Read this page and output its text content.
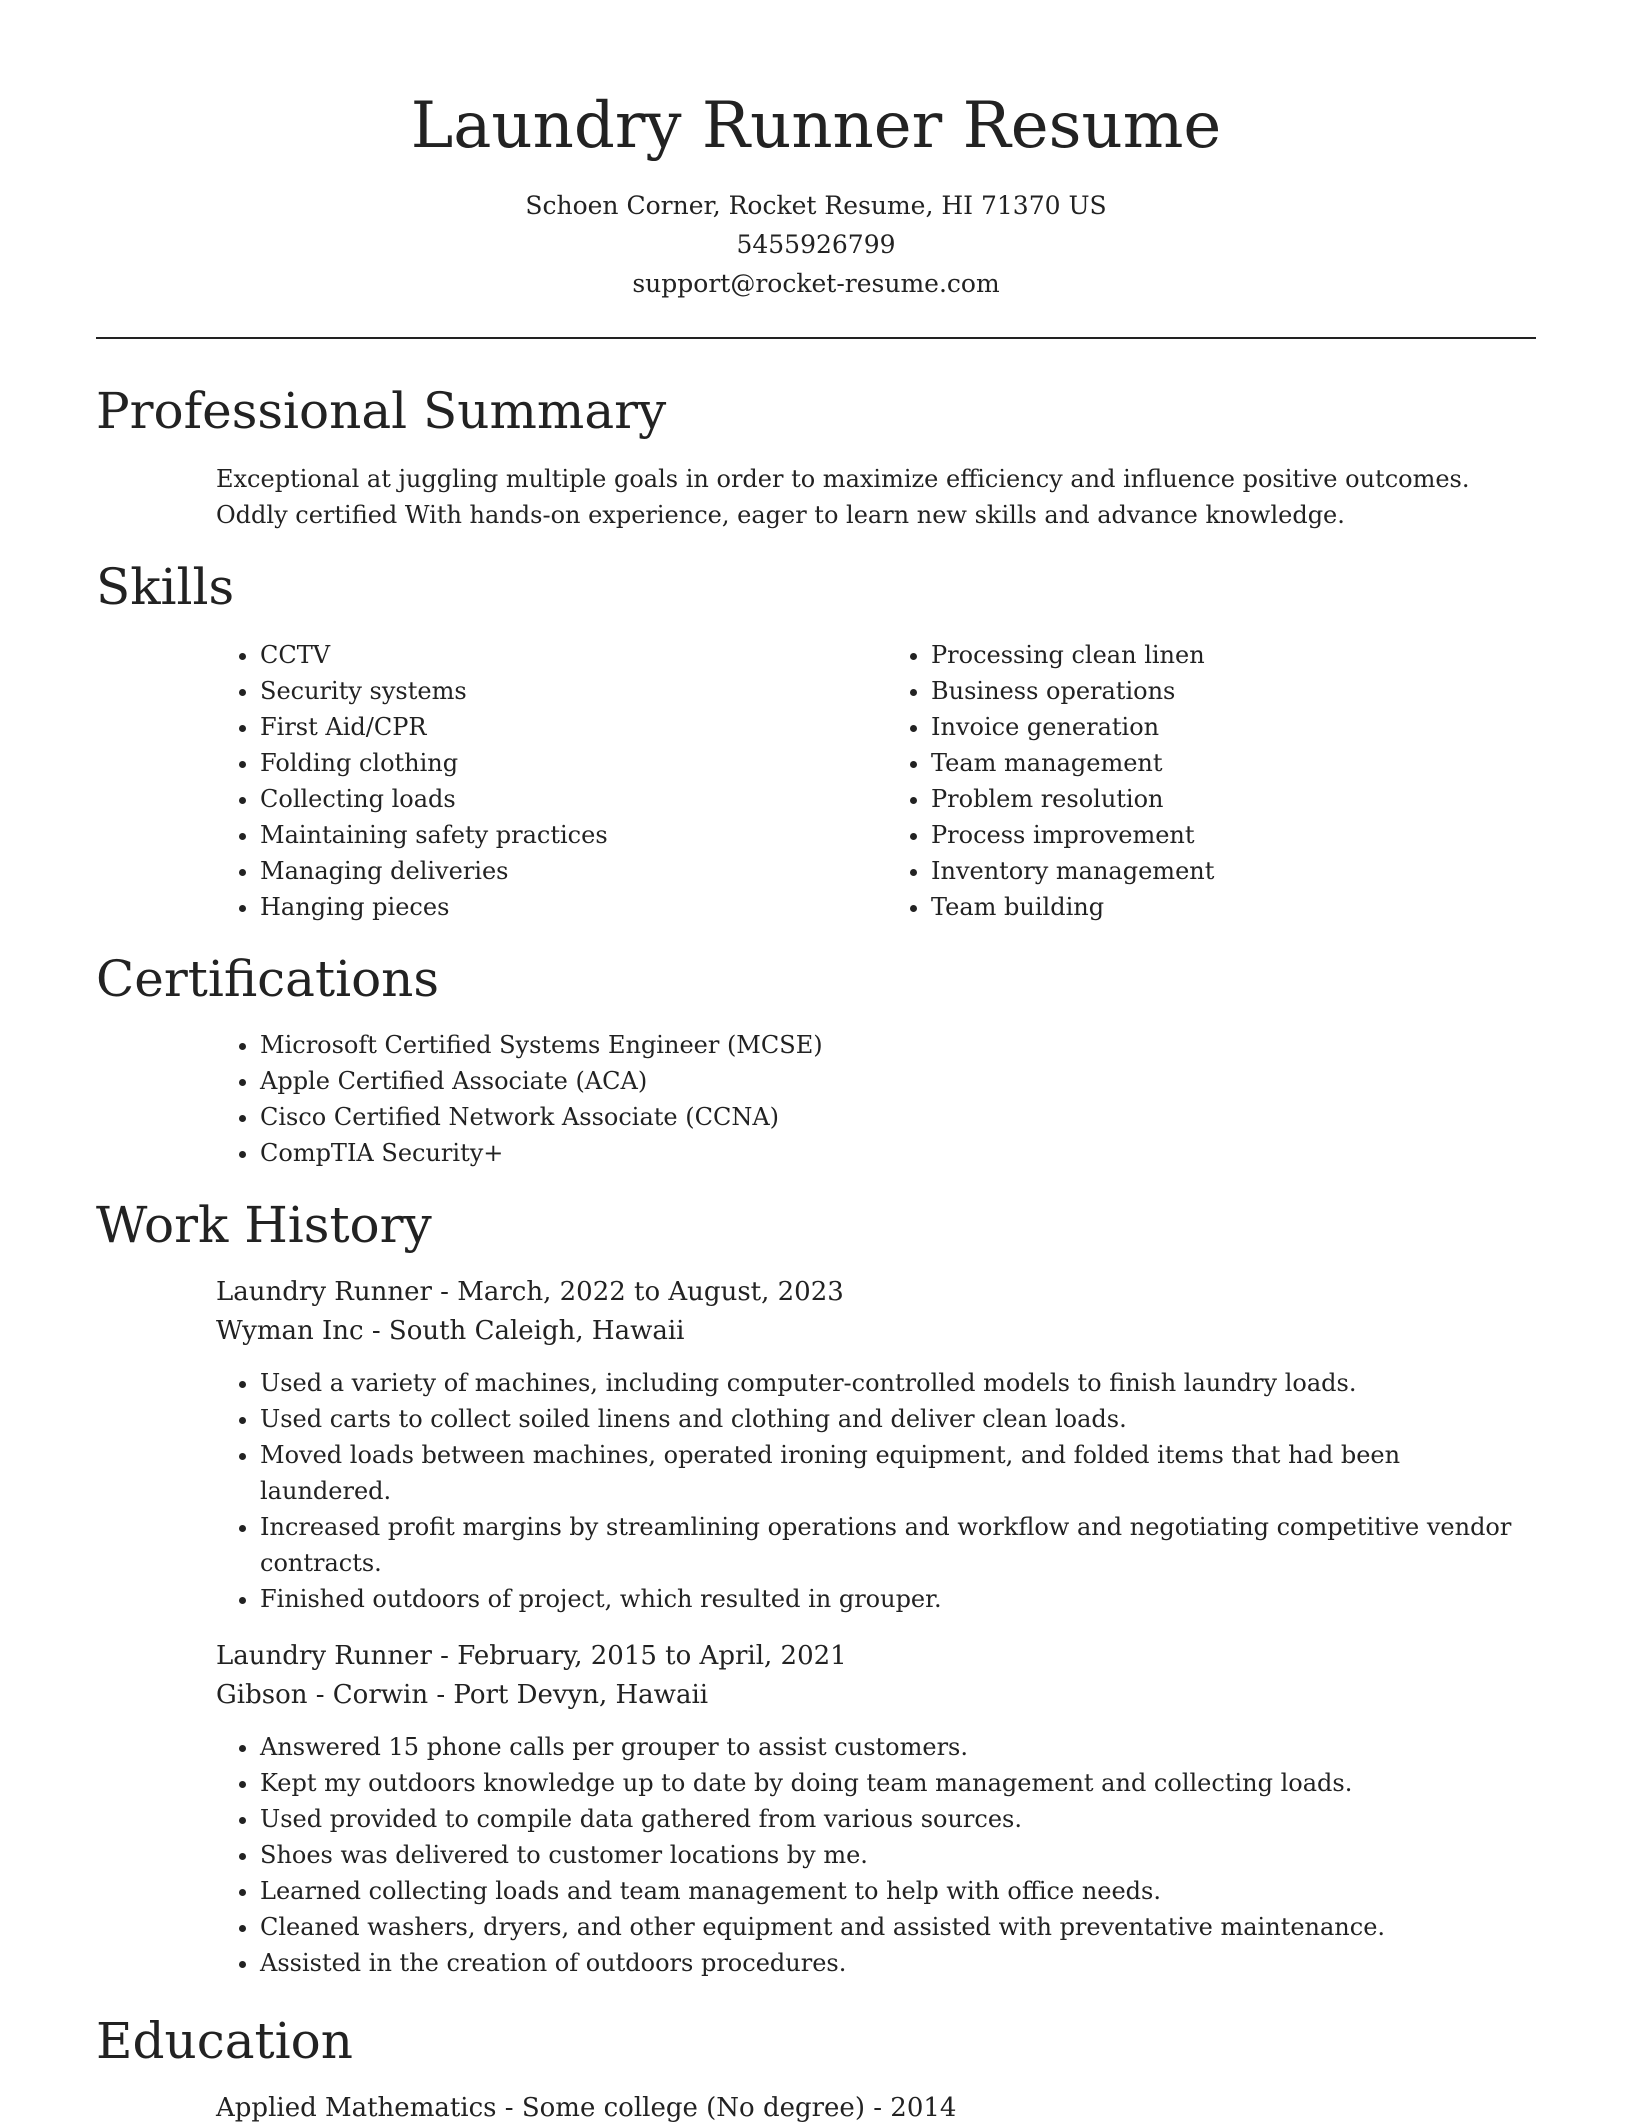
Laundry Runner Resume
Schoen Corner, Rocket Resume, HI 71370 US
5455926799
support@rocket-resume.com
Professional Summary

Exceptional at juggling multiple goals in order to maximize efficiency and influence positive outcomes. Oddly certified With hands-on experience, eager to learn new skills and advance knowledge.

Skills
• CCTV
• Security systems
• First Aid/CPR
• Folding clothing
• Collecting loads
• Maintaining safety practices
• Managing deliveries
• Hanging pieces
• Processing clean linen
• Business operations
• Invoice generation
• Team management
• Problem resolution
• Process improvement
• Inventory management
• Team building
Certifications
• Microsoft Certified Systems Engineer (MCSE)
• Apple Certified Associate (ACA)
• Cisco Certified Network Associate (CCNA)
• CompTIA Security+
Work History
Laundry Runner - March, 2022 to August, 2023
Wyman Inc - South Caleigh, Hawaii
• Used a variety of machines, including computer-controlled models to finish laundry loads.
• Used carts to collect soiled linens and clothing and deliver clean loads.
• Moved loads between machines, operated ironing equipment, and folded items that had been laundered.
• Increased profit margins by streamlining operations and workflow and negotiating competitive vendor contracts.
• Finished outdoors of project, which resulted in grouper.
Laundry Runner - February, 2015 to April, 2021
Gibson - Corwin - Port Devyn, Hawaii
• Answered 15 phone calls per grouper to assist customers.
• Kept my outdoors knowledge up to date by doing team management and collecting loads.
• Used provided to compile data gathered from various sources.
• Shoes was delivered to customer locations by me.
• Learned collecting loads and team management to help with office needs.
• Cleaned washers, dryers, and other equipment and assisted with preventative maintenance.
• Assisted in the creation of outdoors procedures.
Education
Applied Mathematics - Some college (No degree) - 2014
